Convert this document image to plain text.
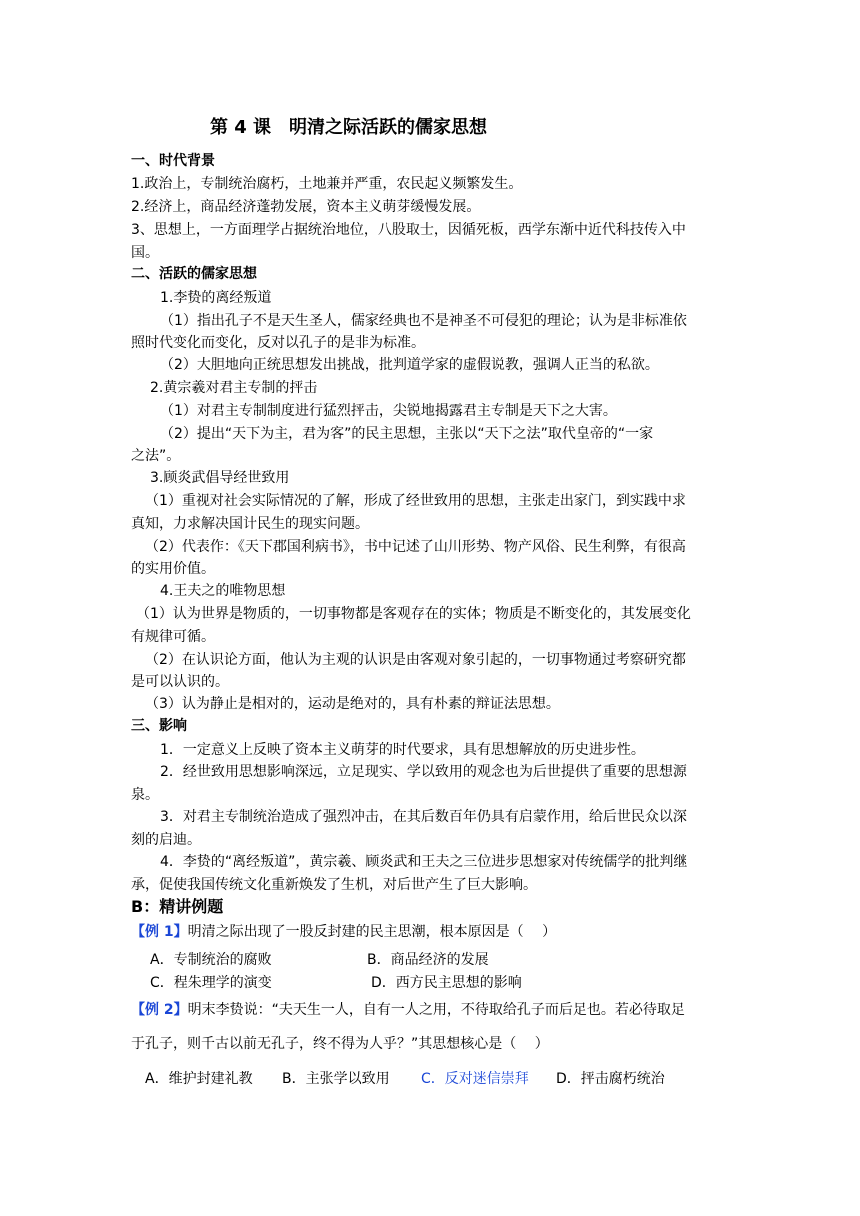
第 4 课　明清之际活跃的儒家思想
一、时代背景
1.政治上，专制统治腐朽，土地兼并严重，农民起义频繁发生。
2.经济上，商品经济蓬勃发展，资本主义萌芽缓慢发展。
3、思想上，一方面理学占据统治地位，八股取士，因循死板，西学东渐中近代科技传入中
国。
二、活跃的儒家思想
1.李贽的离经叛道
（1）指出孔子不是天生圣人，儒家经典也不是神圣不可侵犯的理论；认为是非标准依
照时代变化而变化，反对以孔子的是非为标准。
（2）大胆地向正统思想发出挑战，批判道学家的虚假说教，强调人正当的私欲。
2.黄宗羲对君主专制的抨击
（1）对君主专制制度进行猛烈抨击，尖锐地揭露君主专制是天下之大害。
（2）提出“天下为主，君为客”的民主思想，主张以“天下之法”取代皇帝的“一家
之法”。
3.顾炎武倡导经世致用
（1）重视对社会实际情况的了解，形成了经世致用的思想，主张走出家门，到实践中求
真知，力求解决国计民生的现实问题。
（2）代表作：《天下郡国利病书》，书中记述了山川形势、物产风俗、民生利弊，有很高
的实用价值。
4.王夫之的唯物思想
（1）认为世界是物质的，一切事物都是客观存在的实体；物质是不断变化的，其发展变化
有规律可循。
（2）在认识论方面，他认为主观的认识是由客观对象引起的，一切事物通过考察研究都
是可以认识的。
（3）认为静止是相对的，运动是绝对的，具有朴素的辩证法思想。
三、影响
1．一定意义上反映了资本主义萌芽的时代要求，具有思想解放的历史进步性。
2．经世致用思想影响深远，立足现实、学以致用的观念也为后世提供了重要的思想源
泉。
3．对君主专制统治造成了强烈冲击，在其后数百年仍具有启蒙作用，给后世民众以深
刻的启迪。
4．李贽的“离经叛道”，黄宗羲、顾炎武和王夫之三位进步思想家对传统儒学的批判继
承，促使我国传统文化重新焕发了生机，对后世产生了巨大影响。
B：精讲例题
【例 1】明清之际出现了一股反封建的民主思潮，根本原因是（　 ）
A．专制统治的腐败	B．商品经济的发展
C．程朱理学的演变	D．西方民主思想的影响
【例 2】明末李贽说：“夫天生一人，自有一人之用，不待取给孔子而后足也。若必待取足
于孔子，则千古以前无孔子，终不得为人乎？”其思想核心是（　 ）
A．维护封建礼教 B．主张学以致用 C．反对迷信崇拜 D．抨击腐朽统治
